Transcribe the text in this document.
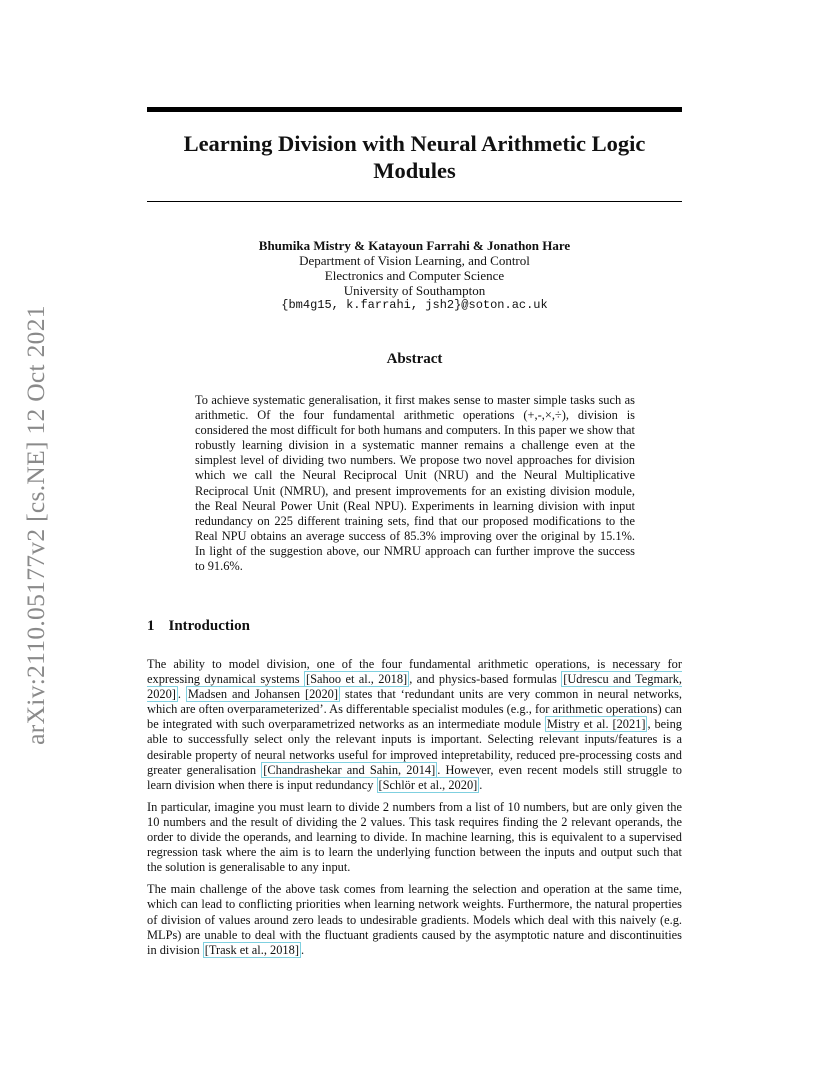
arXiv:2110.05177v2 [cs.NE] 12 Oct 2021
Learning Division with Neural Arithmetic Logic Modules
Bhumika Mistry & Katayoun Farrahi & Jonathon Hare
Department of Vision Learning, and Control
Electronics and Computer Science
University of Southampton
{bm4g15, k.farrahi, jsh2}@soton.ac.uk
Abstract

To achieve systematic generalisation, it first makes sense to master simple tasks such as arithmetic. Of the four fundamental arithmetic operations (+,-,×,÷), division is considered the most difficult for both humans and computers. In this paper we show that robustly learning division in a systematic manner remains a challenge even at the simplest level of dividing two numbers. We propose two novel approaches for division which we call the Neural Reciprocal Unit (NRU) and the Neural Multiplicative Reciprocal Unit (NMRU), and present improvements for an existing division module, the Real Neural Power Unit (Real NPU). Experiments in learning division with input redundancy on 225 different training sets, find that our proposed modifications to the Real NPU obtains an average success of 85.3% improving over the original by 15.1%. In light of the suggestion above, our NMRU approach can further improve the success to 91.6%.

1 Introduction

The ability to model division, one of the four fundamental arithmetic operations, is necessary for expressing dynamical systems [Sahoo et al., 2018] , and physics-based formulas [Udrescu and Tegmark, 2020] . Madsen and Johansen [2020] states that ‘redundant units are very common in neural networks, which are often overparameterized’. As differentable specialist modules (e.g., for arithmetic operations) can be integrated with such overparametrized networks as an intermediate module Mistry et al. [2021] , being able to successfully select only the relevant inputs is important. Selecting relevant inputs/features is a desirable property of neural networks useful for improved intepretability, reduced pre-processing costs and greater generalisation [Chandrashekar and Sahin, 2014] . However, even recent models still struggle to learn division when there is input redundancy [Schlör et al., 2020] .

In particular, imagine you must learn to divide 2 numbers from a list of 10 numbers, but are only given the 10 numbers and the result of dividing the 2 values. This task requires finding the 2 relevant operands, the order to divide the operands, and learning to divide. In machine learning, this is equivalent to a supervised regression task where the aim is to learn the underlying function between the inputs and output such that the solution is generalisable to any input.

The main challenge of the above task comes from learning the selection and operation at the same time, which can lead to conflicting priorities when learning network weights. Furthermore, the natural properties of division of values around zero leads to undesirable gradients. Models which deal with this naively (e.g. MLPs) are unable to deal with the fluctuant gradients caused by the asymptotic nature and discontinuities in division [Trask et al., 2018] .
